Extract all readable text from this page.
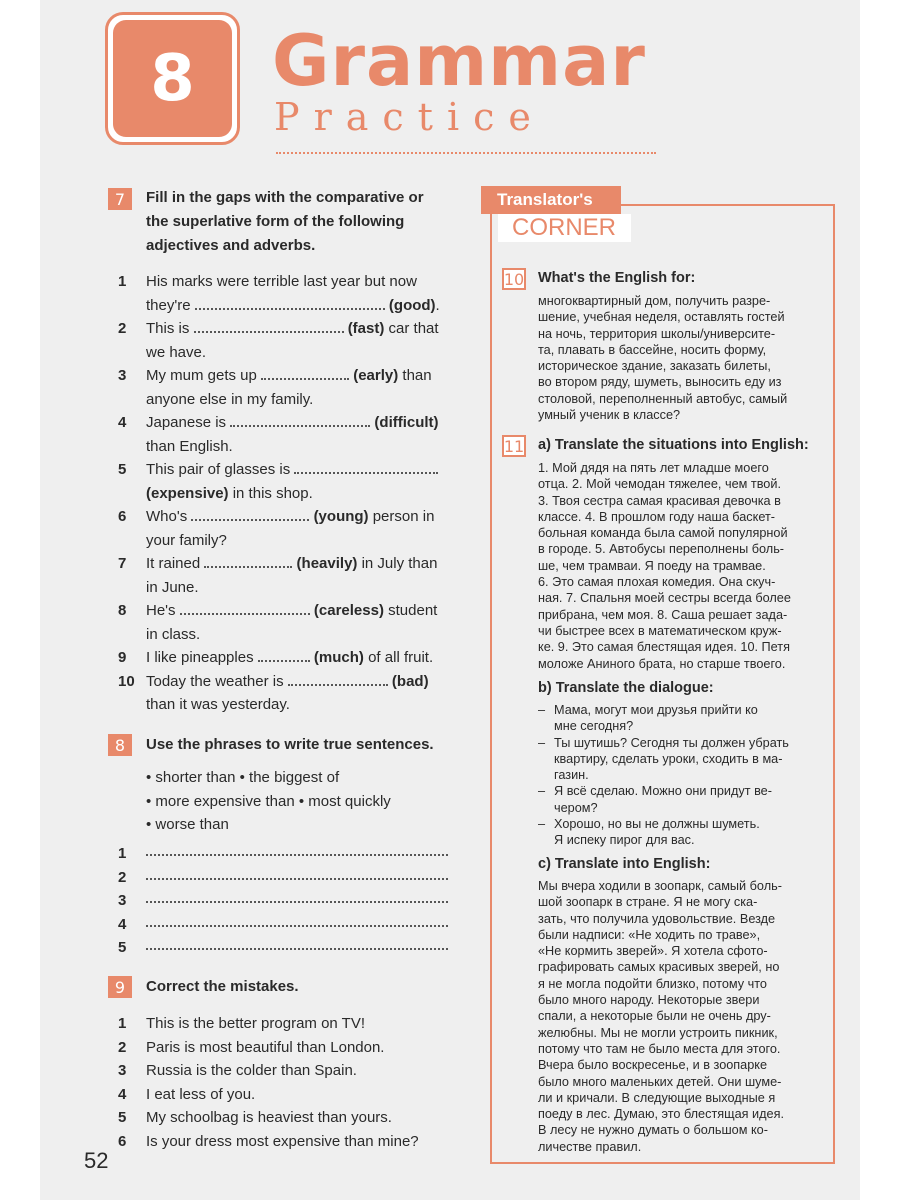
8	Grammar
Practice
7	Fill in the gaps with the comparative or
the superlative form of the following
adjectives and adverbs.
1	His marks were terrible last year but now
they're	(good).
2	This is	(fast) car that
we have.
3	My mum gets up	(early) than
anyone else in my family.
4	Japanese is	(difficult)
than English.
5	This pair of glasses is
(expensive) in this shop.
6	Who's	(young) person in
your family?
7	It rained	(heavily) in July than
in June.
8	He's	(careless) student
in class.
9	I like pineapples	(much) of all fruit.
10 Today the weather is	(bad)
than it was yesterday.
8	Use the phrases to write true sentences.
• shorter than • the biggest of
• more expensive than • most quickly
• worse than
1
2
3
4
5
9	Correct the mistakes.
1	This is the better program on TV!
2	Paris is most beautiful than London.
3	Russia is the colder than Spain.
4	I eat less of you.
5	My schoolbag is heaviest than yours.
6	Is your dress most expensive than mine?
Translator's
CORNER
10 What's the English for:
многоквартирный дом, получить разре-
шение, учебная неделя, оставлять гостей
на ночь, территория школы/университе-
та, плавать в бассейне, носить форму,
историческое здание, заказать билеты,
во втором ряду, шуметь, выносить еду из
столовой, переполненный автобус, самый
умный ученик в классе?
11 a) Translate the situations into English:
1. Мой дядя на пять лет младше моего
отца. 2. Мой чемодан тяжелее, чем твой.
3. Твоя сестра самая красивая девочка в
классе. 4. В прошлом году наша баскет-
больная команда была самой популярной
в городе. 5. Автобусы переполнены боль-
ше, чем трамваи. Я поеду на трамвае.
6. Это самая плохая комедия. Она скуч-
ная. 7. Спальня моей сестры всегда более
прибрана, чем моя. 8. Саша решает зада-
чи быстрее всех в математическом круж-
ке. 9. Это самая блестящая идея. 10. Петя
моложе Аниного брата, но старше твоего.
b) Translate the dialogue:
– Мама, могут мои друзья прийти ко
мне сегодня?
– Ты шутишь? Сегодня ты должен убрать
квартиру, сделать уроки, сходить в ма-
газин.
– Я всё сделаю. Можно они придут ве-
чером?
– Хорошо, но вы не должны шуметь.
Я испеку пирог для вас.
c) Translate into English:
Мы вчера ходили в зоопарк, самый боль-
шой зоопарк в стране. Я не могу ска-
зать, что получила удовольствие. Везде
были надписи: «Не ходить по траве»,
«Не кормить зверей». Я хотела сфото-
графировать самых красивых зверей, но
я не могла подойти близко, потому что
было много народу. Некоторые звери
спали, а некоторые были не очень дру-
желюбны. Мы не могли устроить пикник,
потому что там не было места для этого.
Вчера было воскресенье, и в зоопарке
было много маленьких детей. Они шуме-
ли и кричали. В следующие выходные я
поеду в лес. Думаю, это блестящая идея.
В лесу не нужно думать о большом ко-
личестве правил.
52
